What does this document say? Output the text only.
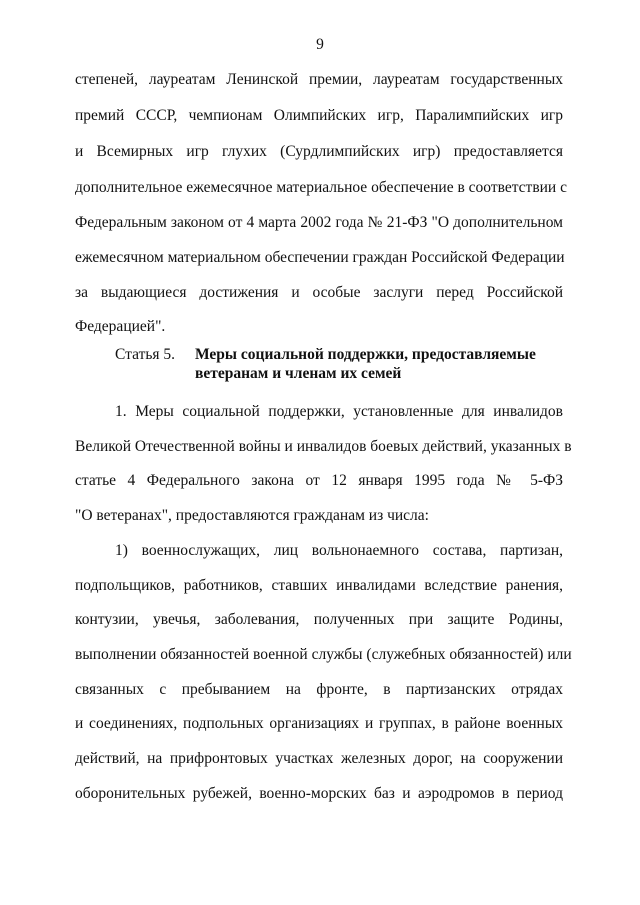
9
степеней, лауреатам Ленинской премии, лауреатам государственных
премий СССР, чемпионам Олимпийских игр, Паралимпийских игр
и Всемирных игр глухих (Сурдлимпийских игр) предоставляется
дополнительное ежемесячное материальное обеспечение в соответствии с
Федеральным законом от 4 марта 2002 года № 21-ФЗ "О дополнительном
ежемесячном материальном обеспечении граждан Российской Федерации
за выдающиеся достижения и особые заслуги перед Российской
Федерацией".
Статья 5. Меры социальной поддержки, предоставляемые
ветеранам и членам их семей
1. Меры социальной поддержки, установленные для инвалидов
Великой Отечественной войны и инвалидов боевых действий, указанных в
статье 4 Федерального закона от 12 января 1995 года № 5-ФЗ
"О ветеранах", предоставляются гражданам из числа:
1) военнослужащих, лиц вольнонаемного состава, партизан,
подпольщиков, работников, ставших инвалидами вследствие ранения,
контузии, увечья, заболевания, полученных при защите Родины,
выполнении обязанностей военной службы (служебных обязанностей) или
связанных с пребыванием на фронте, в партизанских отрядах
и соединениях, подпольных организациях и группах, в районе военных
действий, на прифронтовых участках железных дорог, на сооружении
оборонительных рубежей, военно-морских баз и аэродромов в период
